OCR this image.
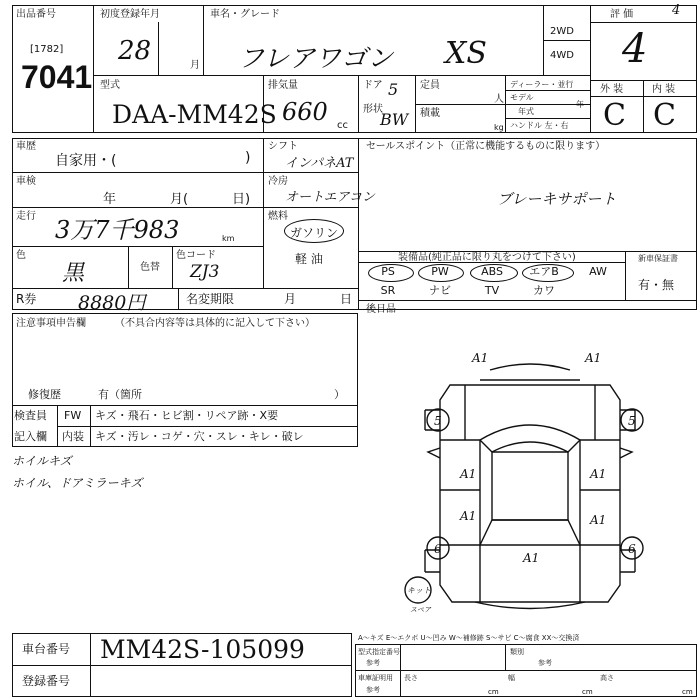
出品番号
[1782]
7041
初度登録年月
28	月
車名・グレード
フレアワゴン XS
2WD
4WD
評 価	4
4
型式
DAA-MM42S
排気量
660 cc
ドア 5
形状
BW
定員
人
積載
kg
ディーラー・並行
モデル
年式
年
ハンドル 左・右
外 装	内 装
C C
車歴
自家用・(	)
車検
年	月(	日)
シフト
インパネAT
冷房
オートエアコン
走行 3万7千983	km
燃料
ガソリン
軽 油
色
黒	色替
色コード
ZJ3
R券 8880円	名変期限	月	日
セールスポイント（正常に機能するものに限ります）
ブレーキサポート
装備品(純正品に限り丸をつけて下さい)	新車保証書
有・無
PS	PW	ABS	エアB	AW
SR	ナビ	TV	カワ
後日品
注意事項申告欄	（不具合内容等は具体的に記入して下さい）
修復歴	有（箇所	）
検査員
記入欄
FW キズ・飛石・ヒビ割・リペア跡・X要
内装 キズ・汚レ・コゲ・穴・スレ・キレ・破レ
ホイルキズ
ホイル、ドアミラーキズ
A1	A1
A1	A1
A1	A1
A1
5	5
6	6
キット
スペア
車台番号 MM42S-105099
登録番号
A～キズ E～エクボ U～凹み W～補修跡 S～サビ C～腐食 XX～交換済
型式指定番号
参考
類別
参考
車庫証明用
参考
長さ	幅	高さ
cm	cm	cm
